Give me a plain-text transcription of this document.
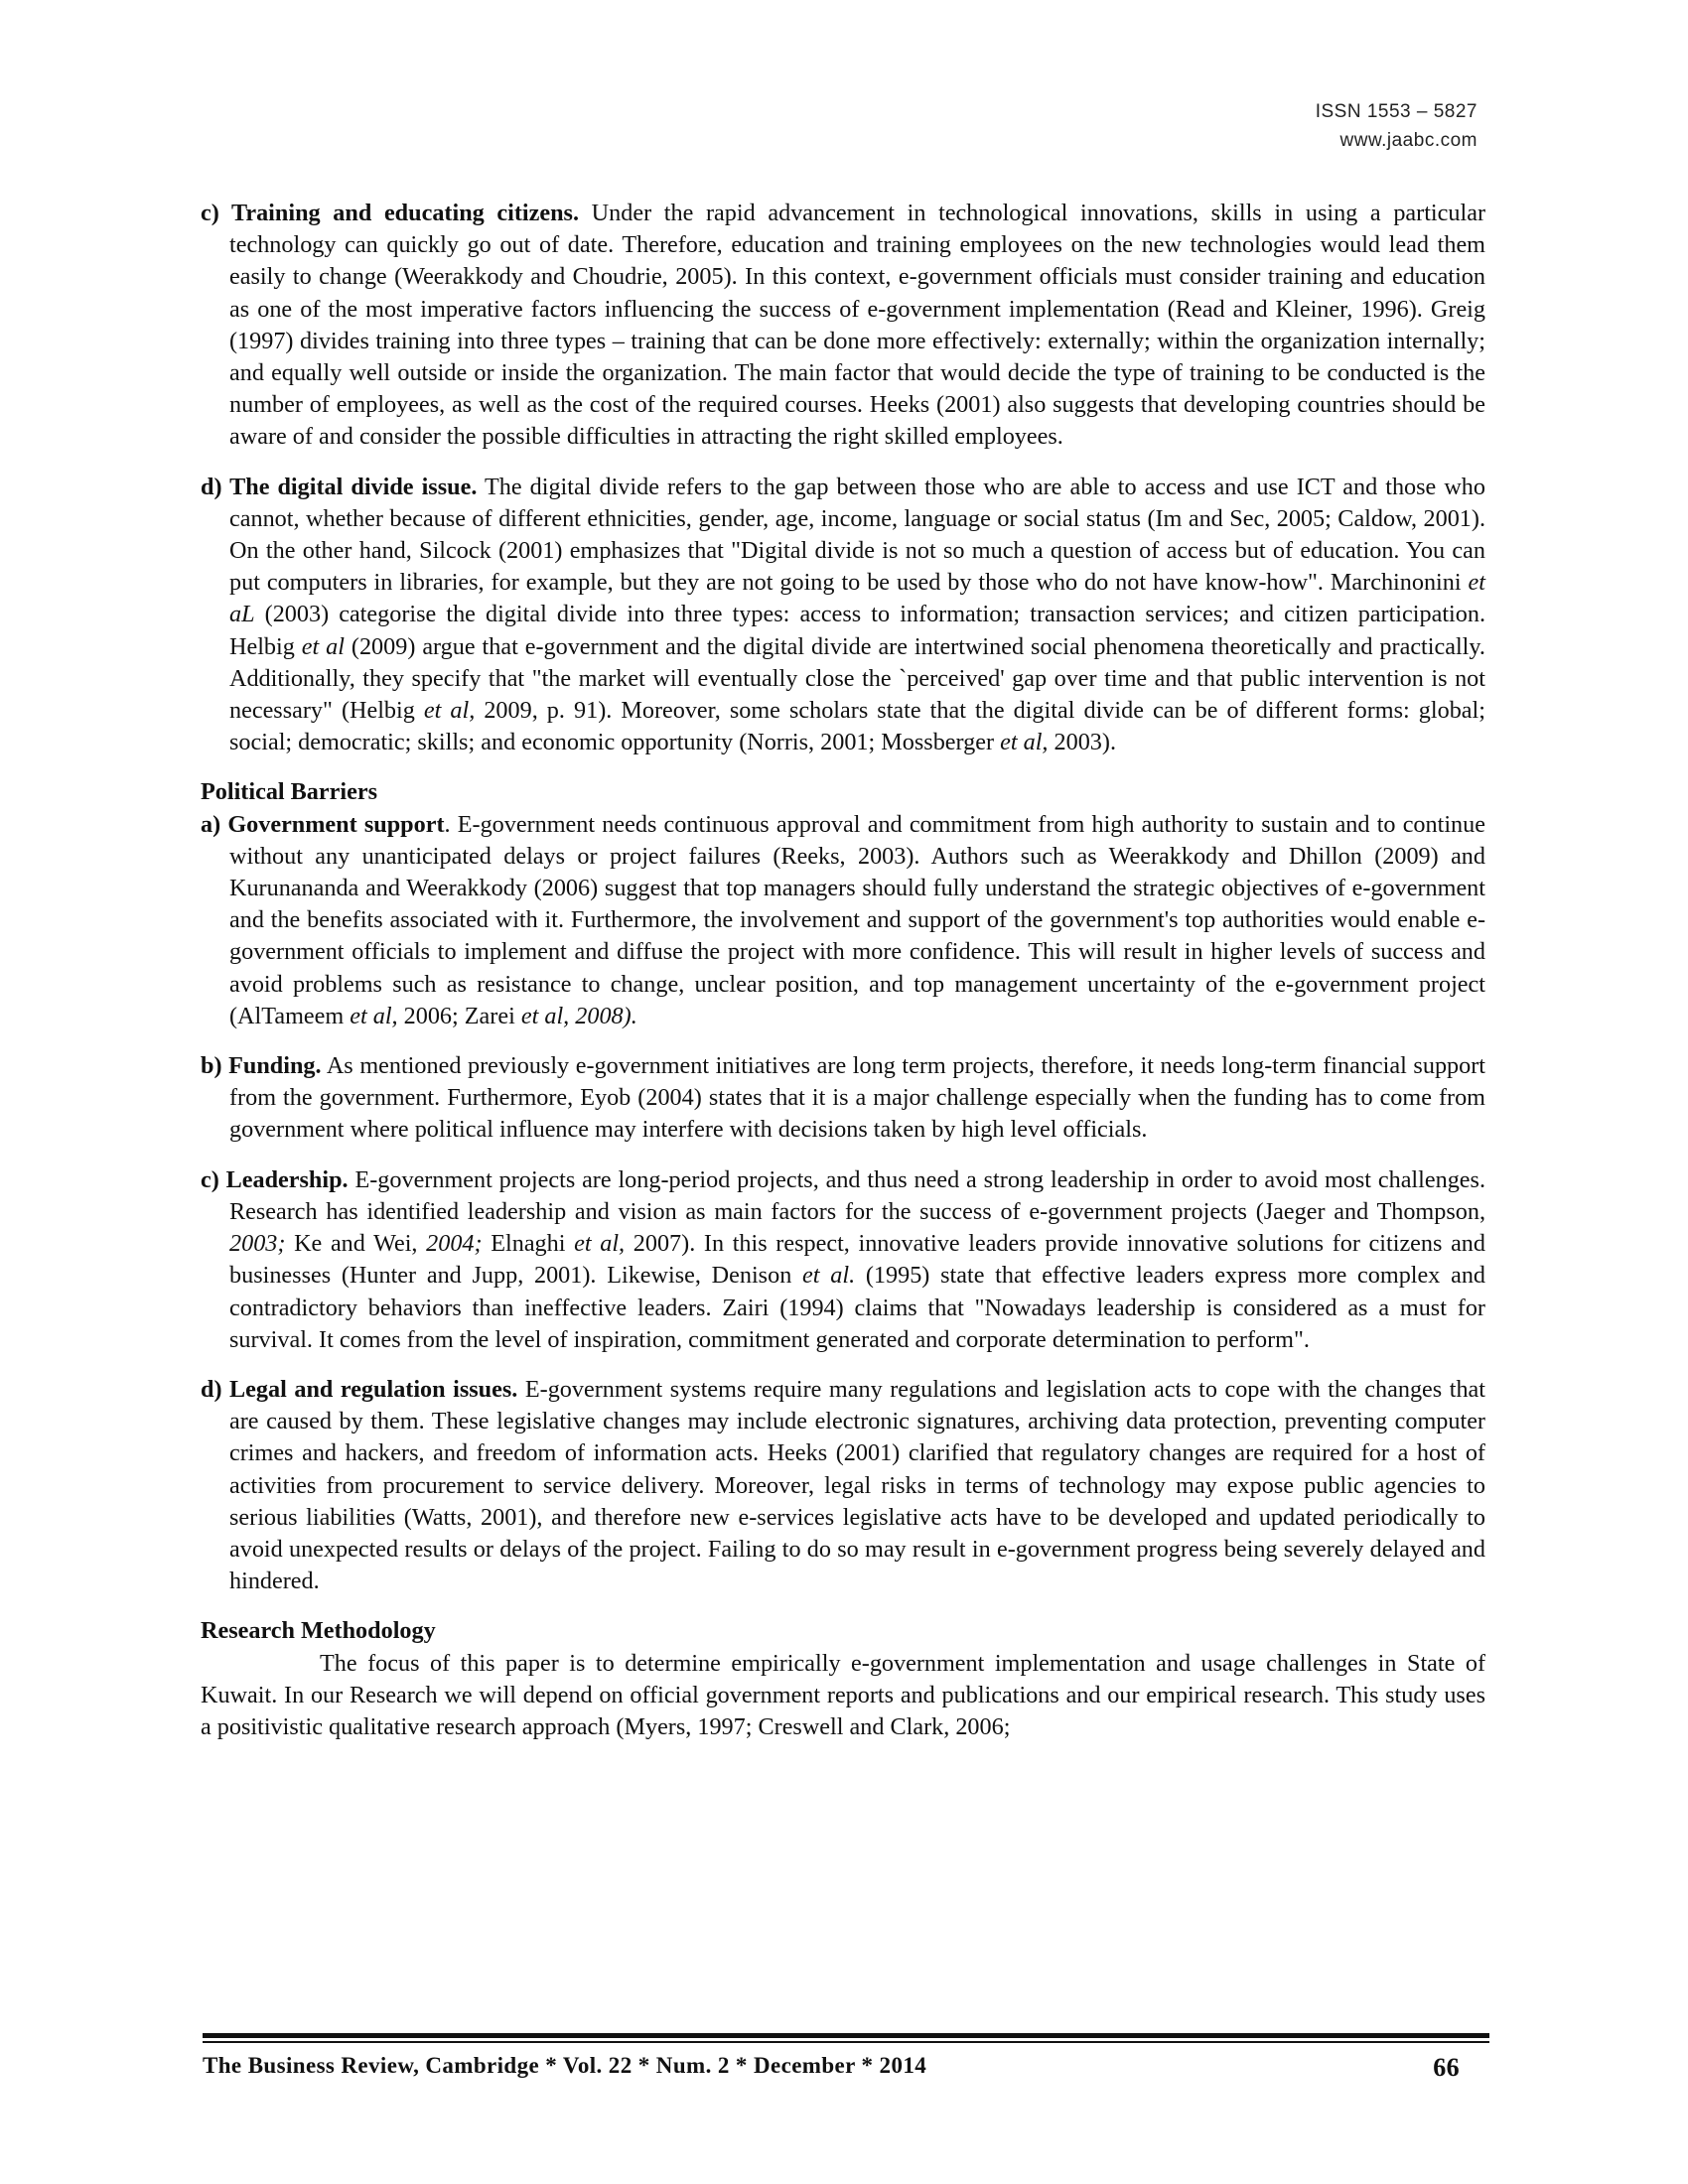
ISSN 1553 – 5827
www.jaabc.com

c) Training and educating citizens. Under the rapid advancement in technological innovations, skills in using a particular technology can quickly go out of date. Therefore, education and training employees on the new technologies would lead them easily to change (Weerakkody and Choudrie, 2005). In this context, e-government officials must consider training and education as one of the most imperative factors influencing the success of e-government implementation (Read and Kleiner, 1996). Greig (1997) divides training into three types – training that can be done more effectively: externally; within the organization internally; and equally well outside or inside the organization. The main factor that would decide the type of training to be conducted is the number of employees, as well as the cost of the required courses. Heeks (2001) also suggests that developing countries should be aware of and consider the possible difficulties in attracting the right skilled employees.

d) The digital divide issue. The digital divide refers to the gap between those who are able to access and use ICT and those who cannot, whether because of different ethnicities, gender, age, income, language or social status (Im and Sec, 2005; Caldow, 2001). On the other hand, Silcock (2001) emphasizes that "Digital divide is not so much a question of access but of education. You can put computers in libraries, for example, but they are not going to be used by those who do not have know-how". Marchinonini et aL (2003) categorise the digital divide into three types: access to information; transaction services; and citizen participation. Helbig et al (2009) argue that e-government and the digital divide are intertwined social phenomena theoretically and practically. Additionally, they specify that "the market will eventually close the `perceived' gap over time and that public intervention is not necessary" (Helbig et al, 2009, p. 91). Moreover, some scholars state that the digital divide can be of different forms: global; social; democratic; skills; and economic opportunity (Norris, 2001; Mossberger et al, 2003).

Political Barriers

a) Government support. E-government needs continuous approval and commitment from high authority to sustain and to continue without any unanticipated delays or project failures (Reeks, 2003). Authors such as Weerakkody and Dhillon (2009) and Kurunananda and Weerakkody (2006) suggest that top managers should fully understand the strategic objectives of e-government and the benefits associated with it. Furthermore, the involvement and support of the government's top authorities would enable e-government officials to implement and diffuse the project with more confidence. This will result in higher levels of success and avoid problems such as resistance to change, unclear position, and top management uncertainty of the e-government project (AlTameem et al, 2006; Zarei et al, 2008).

b) Funding. As mentioned previously e-government initiatives are long term projects, therefore, it needs long-term financial support from the government. Furthermore, Eyob (2004) states that it is a major challenge especially when the funding has to come from government where political influence may interfere with decisions taken by high level officials.

c) Leadership. E-government projects are long-period projects, and thus need a strong leadership in order to avoid most challenges. Research has identified leadership and vision as main factors for the success of e-government projects (Jaeger and Thompson, 2003; Ke and Wei, 2004; Elnaghi et al, 2007). In this respect, innovative leaders provide innovative solutions for citizens and businesses (Hunter and Jupp, 2001). Likewise, Denison et al. (1995) state that effective leaders express more complex and contradictory behaviors than ineffective leaders. Zairi (1994) claims that "Nowadays leadership is considered as a must for survival. It comes from the level of inspiration, commitment generated and corporate determination to perform".

d) Legal and regulation issues. E-government systems require many regulations and legislation acts to cope with the changes that are caused by them. These legislative changes may include electronic signatures, archiving data protection, preventing computer crimes and hackers, and freedom of information acts. Heeks (2001) clarified that regulatory changes are required for a host of activities from procurement to service delivery. Moreover, legal risks in terms of technology may expose public agencies to serious liabilities (Watts, 2001), and therefore new e-services legislative acts have to be developed and updated periodically to avoid unexpected results or delays of the project. Failing to do so may result in e-government progress being severely delayed and hindered.

Research Methodology

The focus of this paper is to determine empirically e-government implementation and usage challenges in State of Kuwait. In our Research we will depend on official government reports and publications and our empirical research. This study uses a positivistic qualitative research approach (Myers, 1997; Creswell and Clark, 2006;

The Business Review, Cambridge * Vol. 22 * Num. 2 * December * 2014	66
